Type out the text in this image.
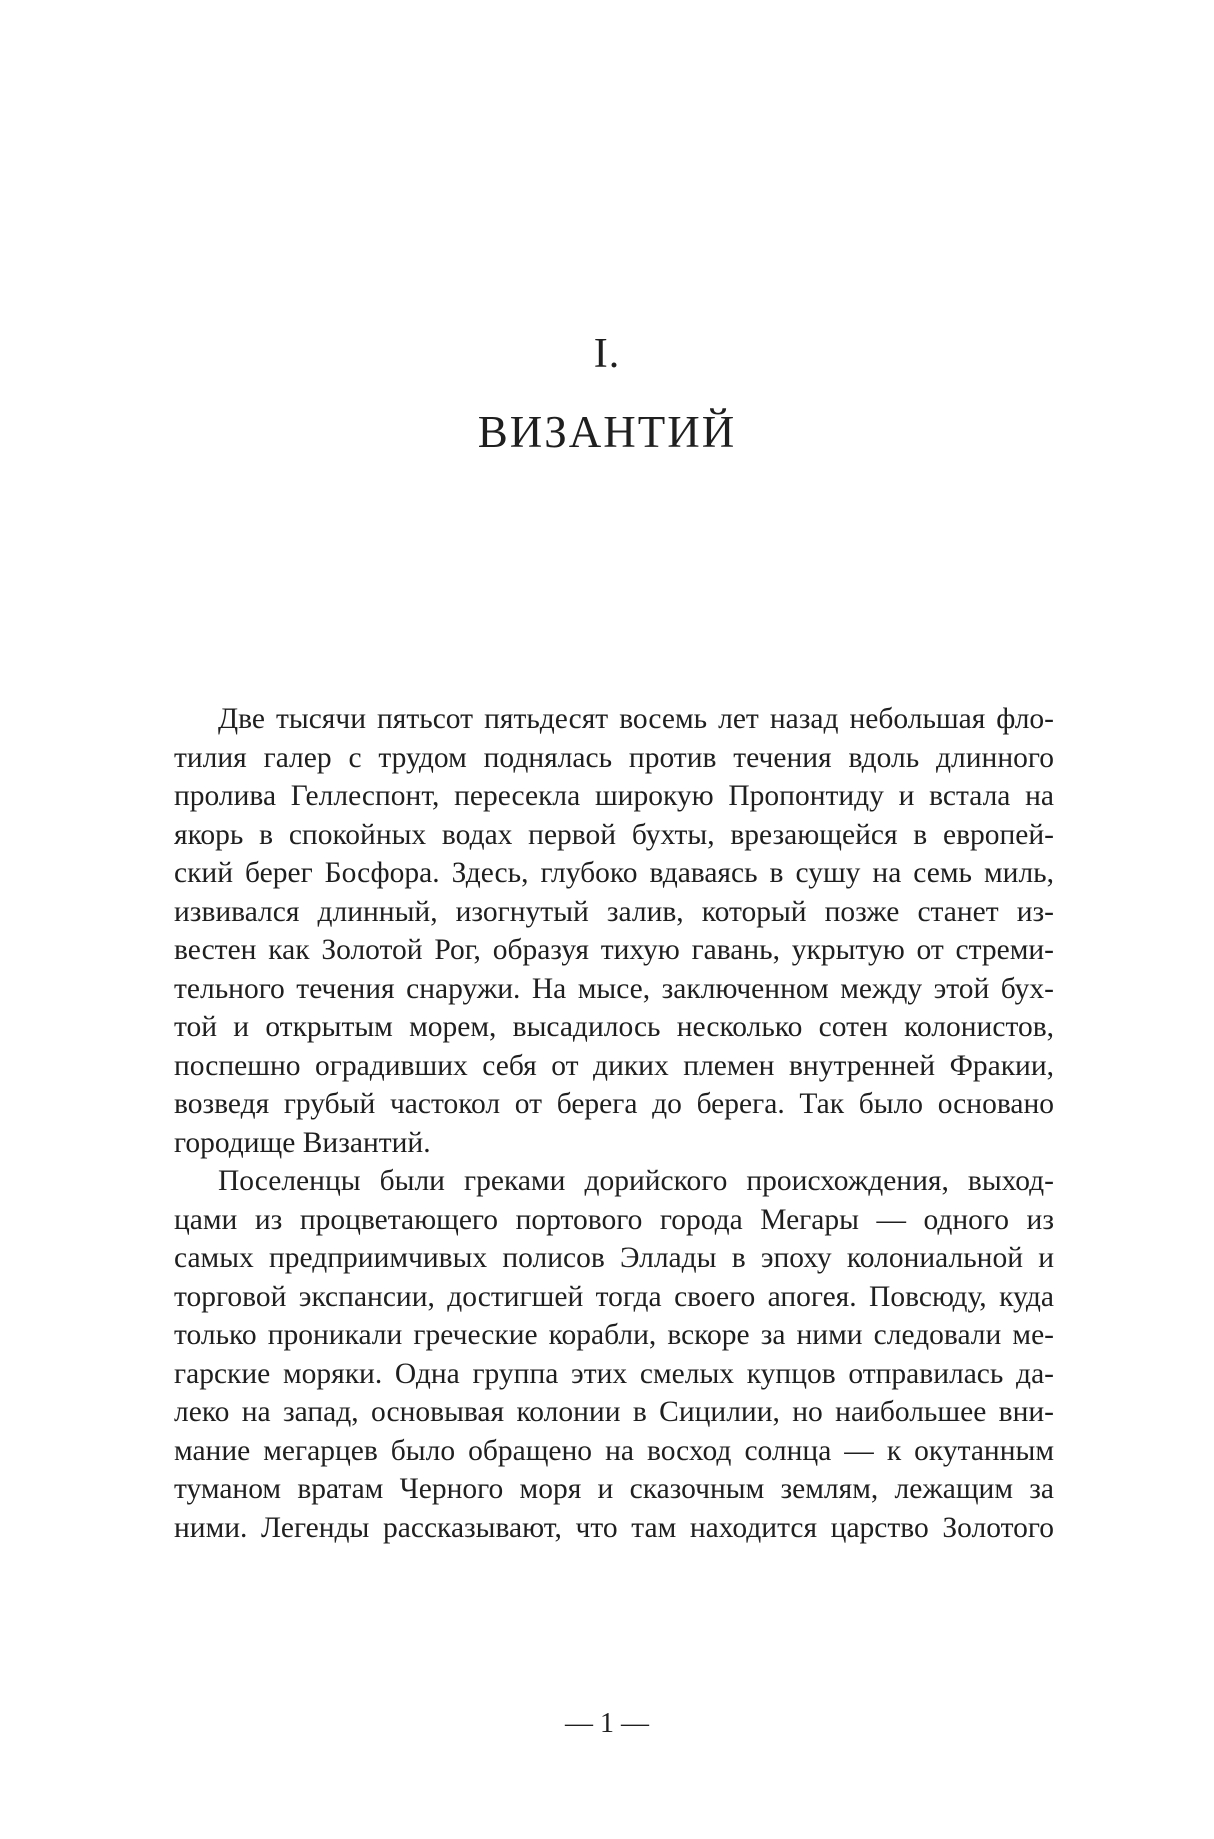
I.
ВИЗАНТИЙ
Две тысячи пятьсот пятьдесят восемь лет назад небольшая фло-
тилия галер с трудом поднялась против течения вдоль длинного
пролива Геллеспонт, пересекла широкую Пропонтиду и встала на
якорь в спокойных водах первой бухты, врезающейся в европей-
ский берег Босфора. Здесь, глубоко вдаваясь в сушу на семь миль,
извивался длинный, изогнутый залив, который позже станет из-
вестен как Золотой Рог, образуя тихую гавань, укрытую от стреми-
тельного течения снаружи. На мысе, заключенном между этой бух-
той и открытым морем, высадилось несколько сотен колонистов,
поспешно оградивших себя от диких племен внутренней Фракии,
возведя грубый частокол от берега до берега. Так было основано
городище Византий.
Поселенцы были греками дорийского происхождения, выход-
цами из процветающего портового города Мегары — одного из
самых предприимчивых полисов Эллады в эпоху колониальной и
торговой экспансии, достигшей тогда своего апогея. Повсюду, куда
только проникали греческие корабли, вскоре за ними следовали ме-
гарские моряки. Одна группа этих смелых купцов отправилась да-
леко на запад, основывая колонии в Сицилии, но наибольшее вни-
мание мегарцев было обращено на восход солнца — к окутанным
туманом вратам Черного моря и сказочным землям, лежащим за
ними. Легенды рассказывают, что там находится царство Золотого
— 1 —
